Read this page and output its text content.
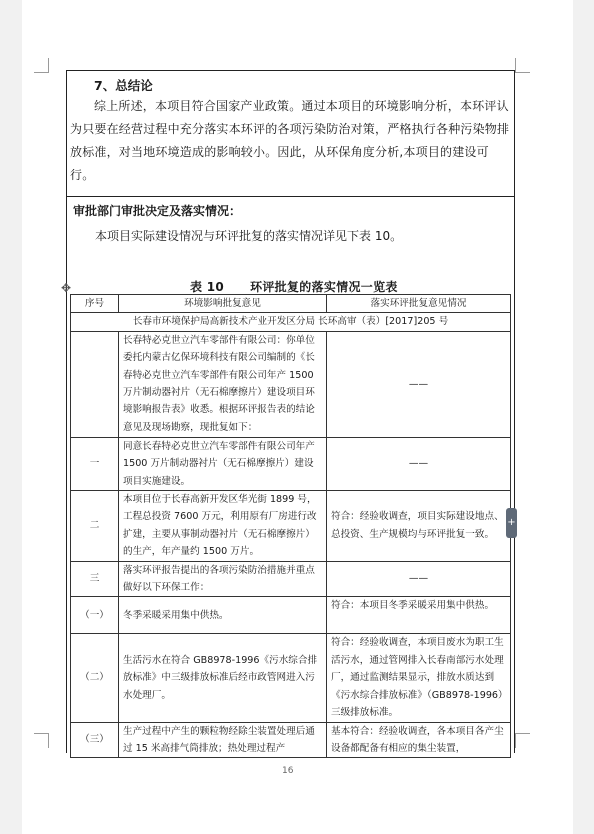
7、总结论
综上所述，本项目符合国家产业政策。通过本项目的环境影响分析，本环评认为只要在经营过程中充分落实本环评的各项污染防治对策，严格执行各种污染物排放标准，对当地环境造成的影响较小。因此，从环保角度分析,本项目的建设可行。
审批部门审批决定及落实情况：
本项目实际建设情况与环评批复的落实情况详见下表 10。
✥	表 10 环评批复的落实情况一览表
序号	环境影响批复意见	落实环评批复意见情况
长春市环境保护局高新技术产业开发区分局 长环高审（表）[2017]205 号		
	长春特必克世立汽车零部件有限公司：你单位委托内蒙古亿保环境科技有限公司编制的《长春特必克世立汽车零部件有限公司年产 1500 万片制动器衬片（无石棉摩擦片）建设项目环境影响报告表》收悉。根据环评报告表的结论意见及现场勘察，现批复如下：	——
一	同意长春特必克世立汽车零部件有限公司年产 1500 万片制动器衬片（无石棉摩擦片）建设项目实施建设。	——
二	本项目位于长春高新开发区华光街 1899 号，工程总投资 7600 万元，利用原有厂房进行改扩建，主要从事制动器衬片（无石棉摩擦片）的生产，年产量约 1500 万片。	符合：经验收调查，项目实际建设地点、总投资、生产规模均与环评批复一致。
三	落实环评报告提出的各项污染防治措施并重点做好以下环保工作：	——
（一）	冬季采暖采用集中供热。	符合：本项目冬季采暖采用集中供热。
（二）	生活污水在符合 GB8978-1996《污水综合排放标准》中三级排放标准后经市政管网进入污水处理厂。	符合：经验收调查，本项目废水为职工生活污水，通过管网排入长春南部污水处理厂，通过监测结果显示，排放水质达到《污水综合排放标准》（GB8978-1996）三级排放标准。
（三）	生产过程中产生的颗粒物经除尘装置处理后通过 15 米高排气筒排放；热处理过程产	基本符合：经验收调查，各本项目各产尘设备都配备有相应的集尘装置，
+
16
